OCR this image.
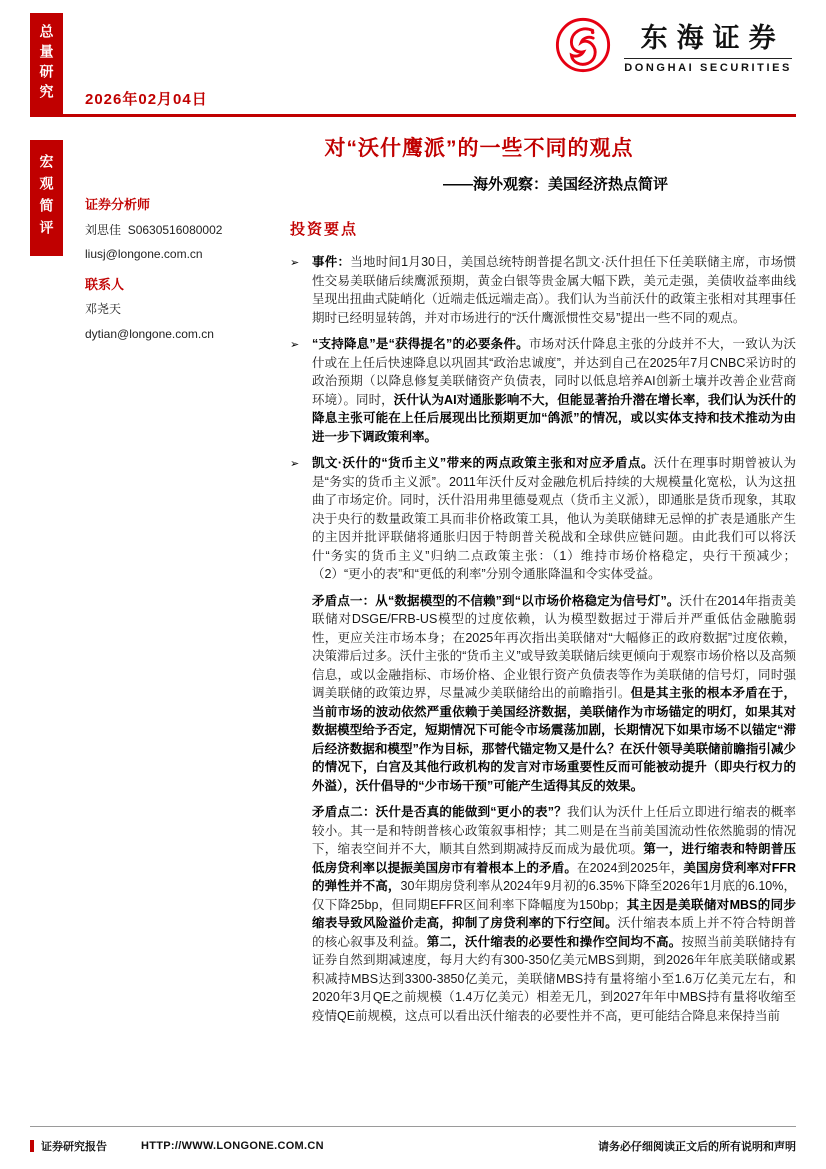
总量研究 2026年02月04日
东海证券
DONGHAI SECURITIES
宏观简评 证券分析师
刘思佳 S0630516080002
liusj@longone.com.cn
联系人
邓尧天
dytian@longone.com.cn
对“沃什鹰派”的一些不同的观点
——海外观察：美国经济热点简评
投资要点
➢	事件：当地时间1月30日，美国总统特朗普提名凯文·沃什担任下任美联储主席，市场惯性交易美联储后续鹰派预期，黄金白银等贵金属大幅下跌，美元走强，美债收益率曲线呈现出扭曲式陡峭化（近端走低远端走高）。我们认为当前沃什的政策主张相对其理事任期时已经明显转鸽，并对市场进行的“沃什鹰派惯性交易”提出一些不同的观点。
➢	“支持降息”是“获得提名”的必要条件。市场对沃什降息主张的分歧并不大，一致认为沃什或在上任后快速降息以巩固其“政治忠诚度”，并达到自己在2025年7月CNBC采访时的政治预期（以降息修复美联储资产负债表，同时以低息培养AI创新土壤并改善企业营商环境）。同时，沃什认为AI对通胀影响不大，但能显著抬升潜在增长率，我们认为沃什的降息主张可能在上任后展现出比预期更加“鸽派”的情况，或以实体支持和技术推动为由进一步下调政策利率。
➢	凯文·沃什的“货币主义”带来的两点政策主张和对应矛盾点。沃什在理事时期曾被认为是“务实的货币主义派”。2011年沃什反对金融危机后持续的大规模量化宽松，认为这扭曲了市场定价。同时，沃什沿用弗里德曼观点（货币主义派），即通胀是货币现象，其取决于央行的数量政策工具而非价格政策工具，他认为美联储肆无忌惮的扩表是通胀产生的主因并批评联储将通胀归因于特朗普关税战和全球供应链问题。由此我们可以将沃什“务实的货币主义”归纳二点政策主张：（1）维持市场价格稳定，央行干预减少；（2）“更小的表”和“更低的利率”分别令通胀降温和令实体受益。
矛盾点一：从“数据模型的不信赖”到“以市场价格稳定为信号灯”。沃什在2014年指责美联储对DSGE/FRB-US模型的过度依赖，认为模型数据过于滞后并严重低估金融脆弱性，更应关注市场本身；在2025年再次指出美联储对“大幅修正的政府数据”过度依赖，决策滞后过多。沃什主张的“货币主义”或导致美联储后续更倾向于观察市场价格以及高频信息，或以金融指标、市场价格、企业银行资产负债表等作为美联储的信号灯，同时强调美联储的政策边界，尽量减少美联储给出的前瞻指引。但是其主张的根本矛盾在于，当前市场的波动依然严重依赖于美国经济数据，美联储作为市场锚定的明灯，如果其对数据模型给予否定，短期情况下可能令市场震荡加剧，长期情况下如果市场不以锚定“滞后经济数据和模型”作为目标，那替代锚定物又是什么？在沃什领导美联储前瞻指引减少的情况下，白宫及其他行政机构的发言对市场重要性反而可能被动提升（即央行权力的外溢），沃什倡导的“少市场干预”可能产生适得其反的效果。
矛盾点二：沃什是否真的能做到“更小的表”？我们认为沃什上任后立即进行缩表的概率较小。其一是和特朗普核心政策叙事相悖；其二则是在当前美国流动性依然脆弱的情况下，缩表空间并不大，顺其自然到期减持反而成为最优项。第一，进行缩表和特朗普压低房贷利率以提振美国房市有着根本上的矛盾。在2024到2025年，美国房贷利率对FFR的弹性并不高，30年期房贷利率从2024年9月初的6.35%下降至2026年1月底的6.10%，仅下降25bp，但同期EFFR区间利率下降幅度为150bp；其主因是美联储对MBS的同步缩表导致风险溢价走高，抑制了房贷利率的下行空间。沃什缩表本质上并不符合特朗普的核心叙事及利益。第二，沃什缩表的必要性和操作空间均不高。按照当前美联储持有证券自然到期减速度，每月大约有300-350亿美元MBS到期，到2026年年底美联储或累积减持MBS达到3300-3850亿美元，美联储MBS持有量将缩小至1.6万亿美元左右，和2020年3月QE之前规模（1.4万亿美元）相差无几，到2027年年中MBS持有量将收缩至疫情QE前规模，这点可以看出沃什缩表的必要性并不高，更可能结合降息来保持当前
证券研究报告	HTTP://WWW.LONGONE.COM.CN	请务必仔细阅读正文后的所有说明和声明
